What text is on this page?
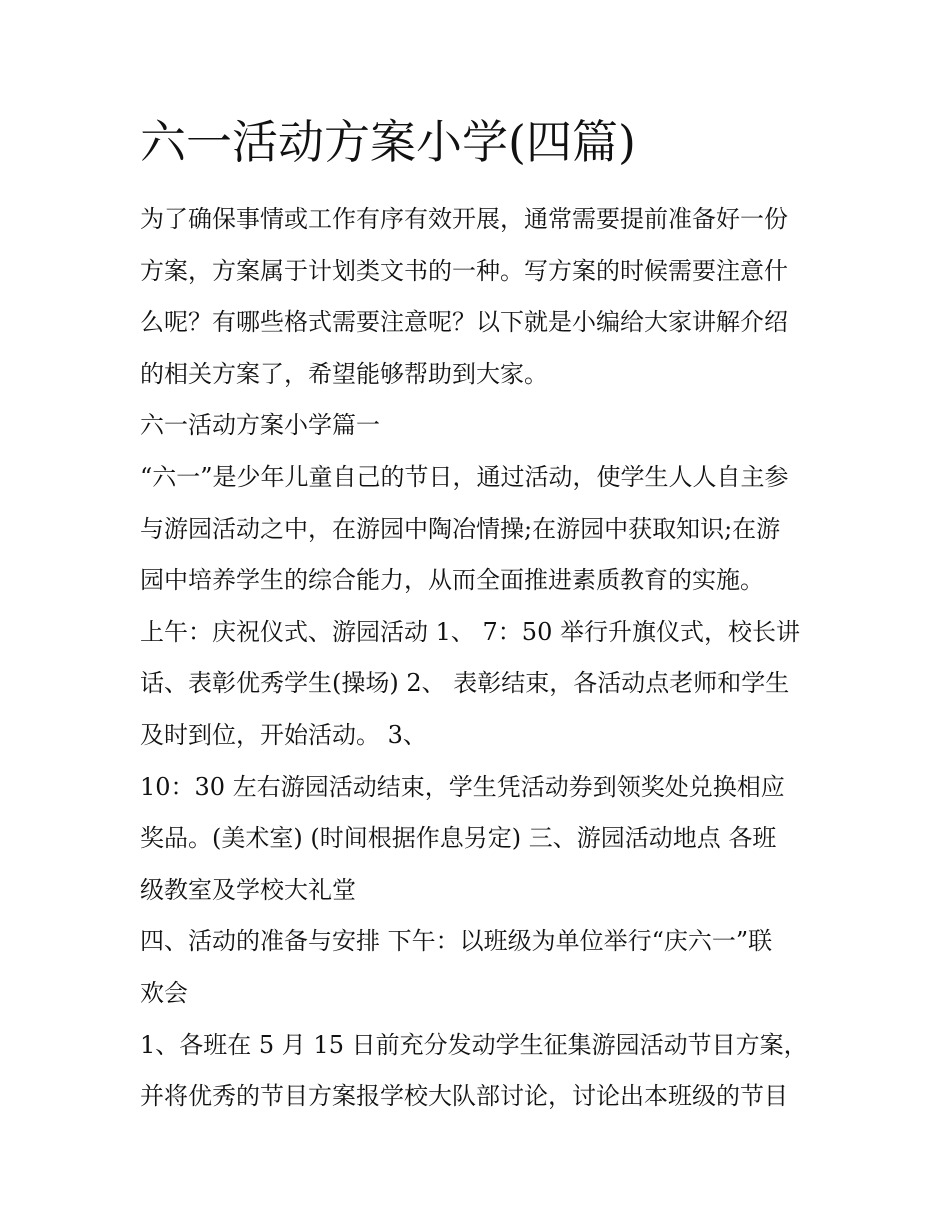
六一活动方案小学(四篇)

为了确保事情或工作有序有效开展，通常需要提前准备好一份

方案，方案属于计划类文书的一种。写方案的时候需要注意什

么呢？有哪些格式需要注意呢？以下就是小编给大家讲解介绍

的相关方案了，希望能够帮助到大家。

六一活动方案小学篇一

“六一”是少年儿童自己的节日，通过活动，使学生人人自主参

与游园活动之中，在游园中陶冶情操;在游园中获取知识;在游

园中培养学生的综合能力，从而全面推进素质教育的实施。

上午：庆祝仪式、游园活动 1、 7：50 举行升旗仪式，校长讲

话、表彰优秀学生(操场) 2、 表彰结束，各活动点老师和学生

及时到位，开始活动。 3、

10：30 左右游园活动结束，学生凭活动券到领奖处兑换相应

奖品。(美术室) (时间根据作息另定) 三、游园活动地点 各班

级教室及学校大礼堂

四、活动的准备与安排 下午：以班级为单位举行“庆六一”联

欢会

1、各班在 5 月 15 日前充分发动学生征集游园活动节目方案，

并将优秀的节目方案报学校大队部讨论，讨论出本班级的节目
